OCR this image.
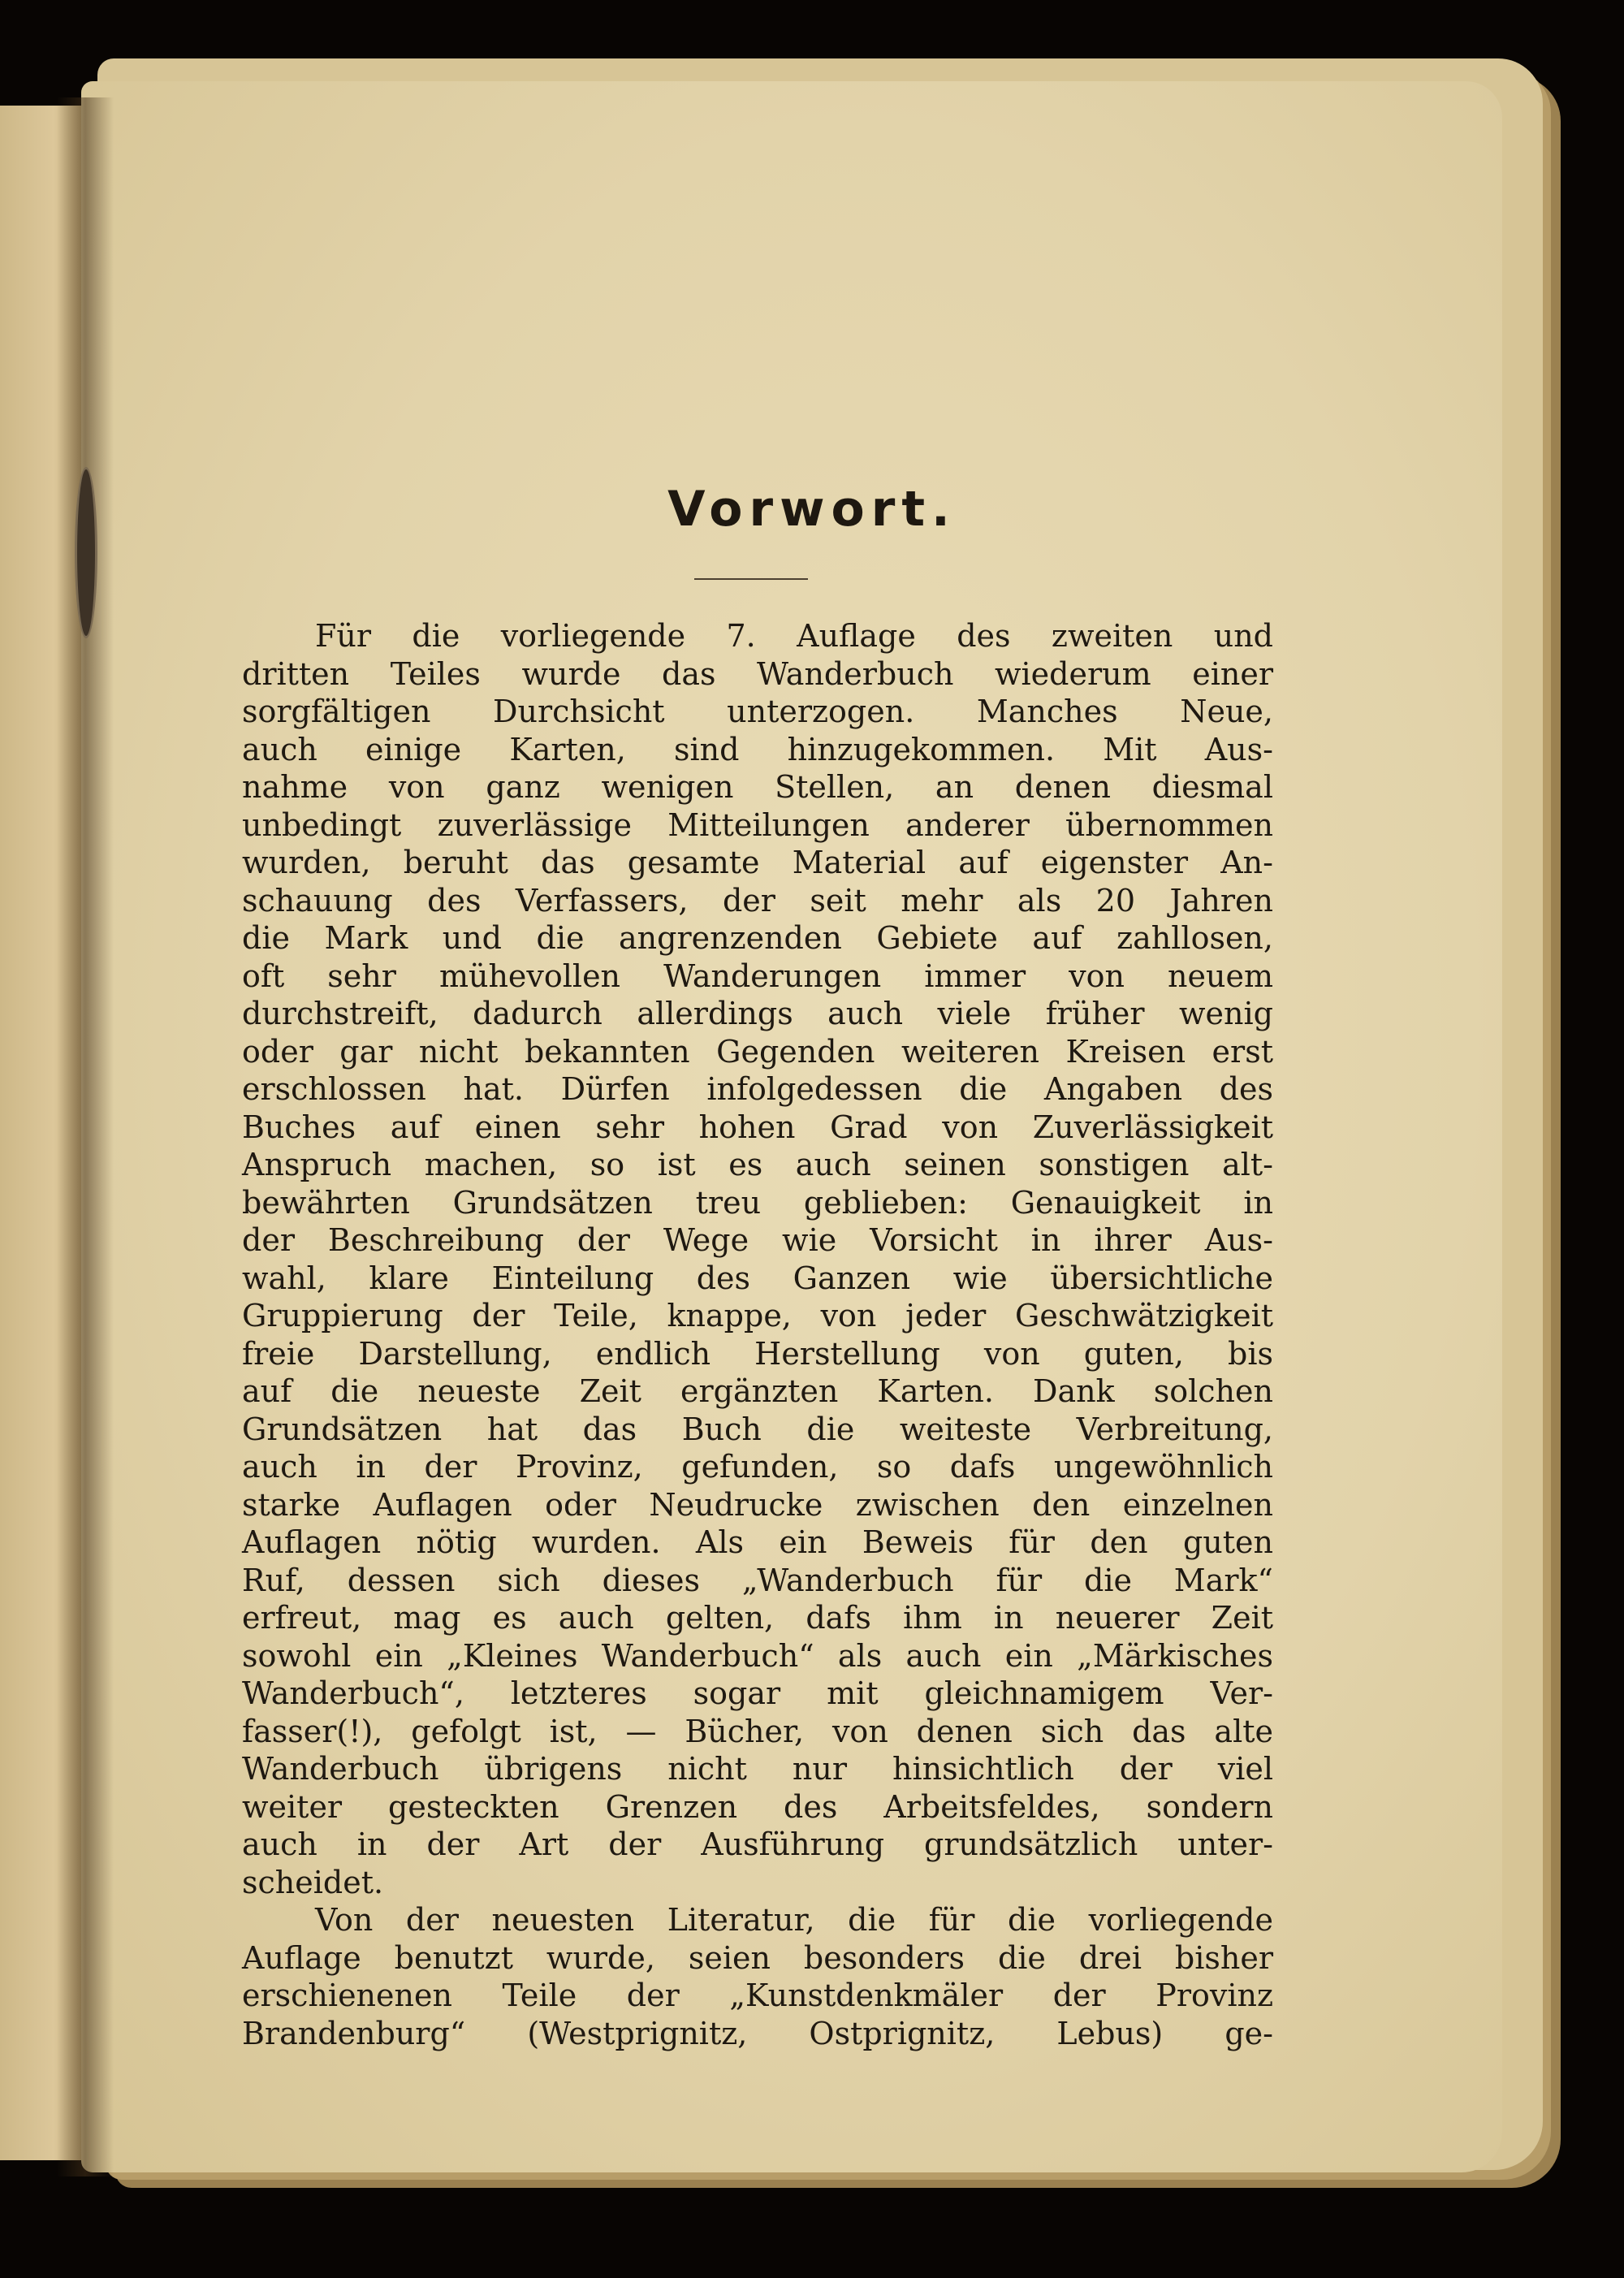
Vorwort.
Für die vorliegende 7. Auflage des zweiten und
dritten Teiles wurde das Wanderbuch wiederum einer
sorgfältigen Durchsicht unterzogen. Manches Neue,
auch einige Karten, sind hinzugekommen. Mit Aus-
nahme von ganz wenigen Stellen, an denen diesmal
unbedingt zuverlässige Mitteilungen anderer übernommen
wurden, beruht das gesamte Material auf eigenster An-
schauung des Verfassers, der seit mehr als 20 Jahren
die Mark und die angrenzenden Gebiete auf zahllosen,
oft sehr mühevollen Wanderungen immer von neuem
durchstreift, dadurch allerdings auch viele früher wenig
oder gar nicht bekannten Gegenden weiteren Kreisen erst
erschlossen hat. Dürfen infolgedessen die Angaben des
Buches auf einen sehr hohen Grad von Zuverlässigkeit
Anspruch machen, so ist es auch seinen sonstigen alt-
bewährten Grundsätzen treu geblieben: Genauigkeit in
der Beschreibung der Wege wie Vorsicht in ihrer Aus-
wahl, klare Einteilung des Ganzen wie übersichtliche
Gruppierung der Teile, knappe, von jeder Geschwätzigkeit
freie Darstellung, endlich Herstellung von guten, bis
auf die neueste Zeit ergänzten Karten. Dank solchen
Grundsätzen hat das Buch die weiteste Verbreitung,
auch in der Provinz, gefunden, so dafs ungewöhnlich
starke Auflagen oder Neudrucke zwischen den einzelnen
Auflagen nötig wurden. Als ein Beweis für den guten
Ruf, dessen sich dieses „Wanderbuch für die Mark“
erfreut, mag es auch gelten, dafs ihm in neuerer Zeit
sowohl ein „Kleines Wanderbuch“ als auch ein „Märkisches
Wanderbuch“, letzteres sogar mit gleichnamigem Ver-
fasser(!), gefolgt ist, — Bücher, von denen sich das alte
Wanderbuch übrigens nicht nur hinsichtlich der viel
weiter gesteckten Grenzen des Arbeitsfeldes, sondern
auch in der Art der Ausführung grundsätzlich unter-
scheidet.
Von der neuesten Literatur, die für die vorliegende
Auflage benutzt wurde, seien besonders die drei bisher
erschienenen Teile der „Kunstdenkmäler der Provinz
Brandenburg“ (Westprignitz, Ostprignitz, Lebus) ge-
